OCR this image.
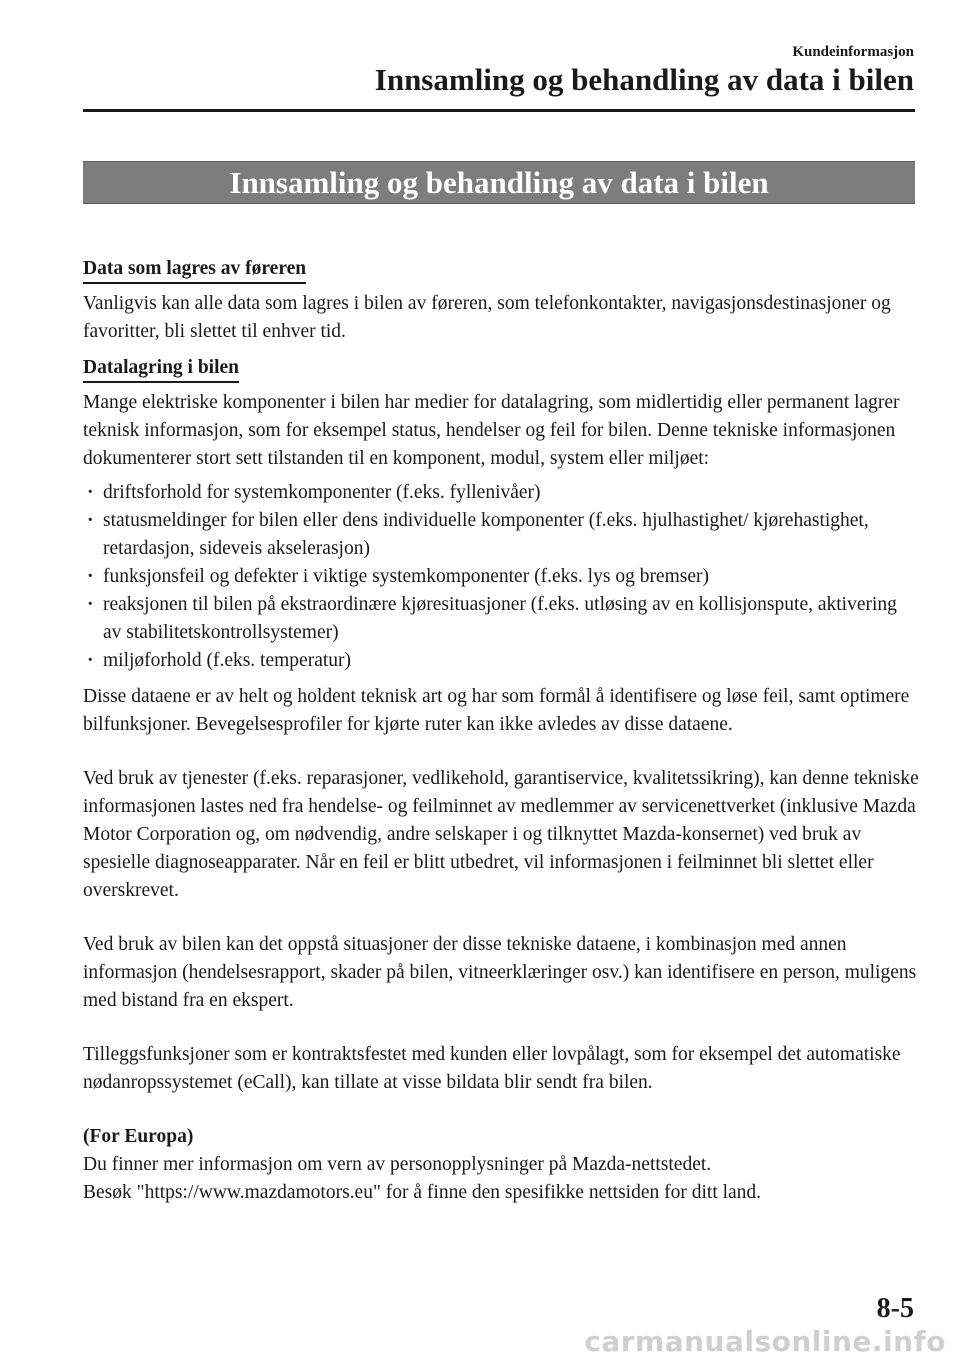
Kundeinformasjon
Innsamling og behandling av data i bilen
Innsamling og behandling av data i bilen
Data som lagres av føreren

Vanligvis kan alle data som lagres i bilen av føreren, som telefonkontakter, navigasjonsdestinasjoner og favoritter, bli slettet til enhver tid.

Datalagring i bilen

Mange elektriske komponenter i bilen har medier for datalagring, som midlertidig eller permanent lagrer teknisk informasjon, som for eksempel status, hendelser og feil for bilen. Denne tekniske informasjonen dokumenterer stort sett tilstanden til en komponent, modul, system eller miljøet:

· driftsforhold for systemkomponenter (f.eks. fyllenivåer)
· statusmeldinger for bilen eller dens individuelle komponenter (f.eks. hjulhastighet/ kjørehastighet, retardasjon, sideveis akselerasjon)
· funksjonsfeil og defekter i viktige systemkomponenter (f.eks. lys og bremser)
· reaksjonen til bilen på ekstraordinære kjøresituasjoner (f.eks. utløsing av en kollisjonspute, aktivering av stabilitetskontrollsystemer)
· miljøforhold (f.eks. temperatur)

Disse dataene er av helt og holdent teknisk art og har som formål å identifisere og løse feil, samt optimere bilfunksjoner. Bevegelsesprofiler for kjørte ruter kan ikke avledes av disse dataene.

Ved bruk av tjenester (f.eks. reparasjoner, vedlikehold, garantiservice, kvalitetssikring), kan denne tekniske informasjonen lastes ned fra hendelse- og feilminnet av medlemmer av servicenettverket (inklusive Mazda Motor Corporation og, om nødvendig, andre selskaper i og tilknyttet Mazda-konsernet) ved bruk av spesielle diagnoseapparater. Når en feil er blitt utbedret, vil informasjonen i feilminnet bli slettet eller overskrevet.

Ved bruk av bilen kan det oppstå situasjoner der disse tekniske dataene, i kombinasjon med annen informasjon (hendelsesrapport, skader på bilen, vitneerklæringer osv.) kan identifisere en person, muligens med bistand fra en ekspert.

Tilleggsfunksjoner som er kontraktsfestet med kunden eller lovpålagt, som for eksempel det automatiske nødanropssystemet (eCall), kan tillate at visse bildata blir sendt fra bilen.

(For Europa)

Du finner mer informasjon om vern av personopplysninger på Mazda-nettstedet.

Besøk "https://www.mazdamotors.eu" for å finne den spesifikke nettsiden for ditt land.

8-5
carmanualsonline.info
